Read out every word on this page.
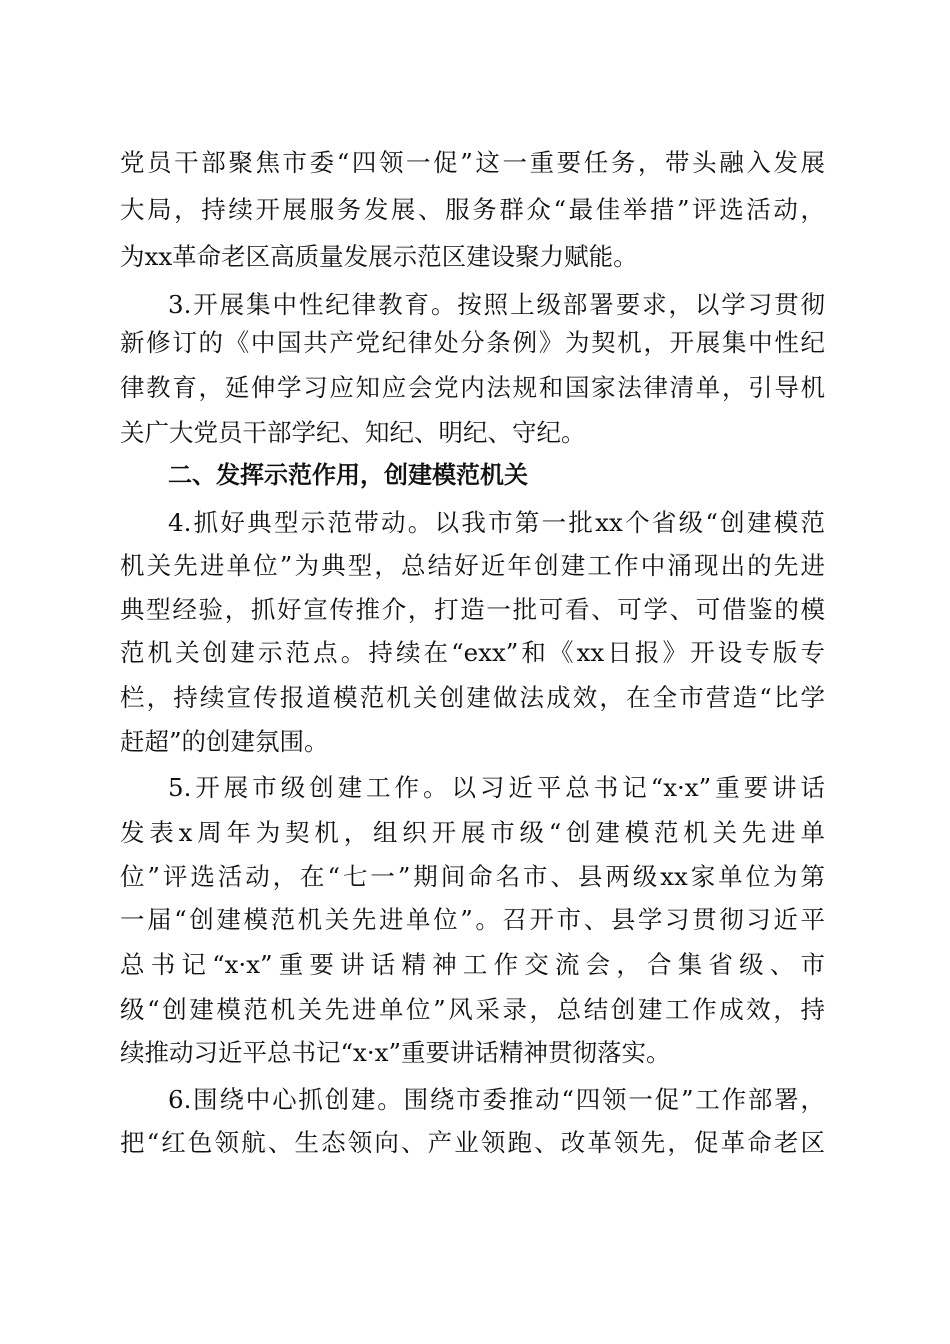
党员干部聚焦市委“四领一促”这一重要任务，带头融入发展
大局，持续开展服务发展、服务群众“最佳举措”评选活动，
为xx革命老区高质量发展示范区建设聚力赋能。
3.开展集中性纪律教育。按照上级部署要求，以学习贯彻
新修订的《中国共产党纪律处分条例》为契机，开展集中性纪
律教育，延伸学习应知应会党内法规和国家法律清单，引导机
关广大党员干部学纪、知纪、明纪、守纪。
二、发挥示范作用，创建模范机关
4.抓好典型示范带动。以我市第一批xx个省级“创建模范
机关先进单位”为典型，总结好近年创建工作中涌现出的先进
典型经验，抓好宣传推介，打造一批可看、可学、可借鉴的模
范机关创建示范点。持续在“exx”和《xx日报》开设专版专
栏，持续宣传报道模范机关创建做法成效，在全市营造“比学
赶超”的创建氛围。
5.开展市级创建工作。以习近平总书记“x·x”重要讲话
发表x周年为契机，组织开展市级“创建模范机关先进单
位”评选活动，在“七一”期间命名市、县两级xx家单位为第
一届“创建模范机关先进单位”。召开市、县学习贯彻习近平
总书记“x·x”重要讲话精神工作交流会，合集省级、市
级“创建模范机关先进单位”风采录，总结创建工作成效，持
续推动习近平总书记“x·x”重要讲话精神贯彻落实。
6.围绕中心抓创建。围绕市委推动“四领一促”工作部署，
把“红色领航、生态领向、产业领跑、改革领先，促革命老区
